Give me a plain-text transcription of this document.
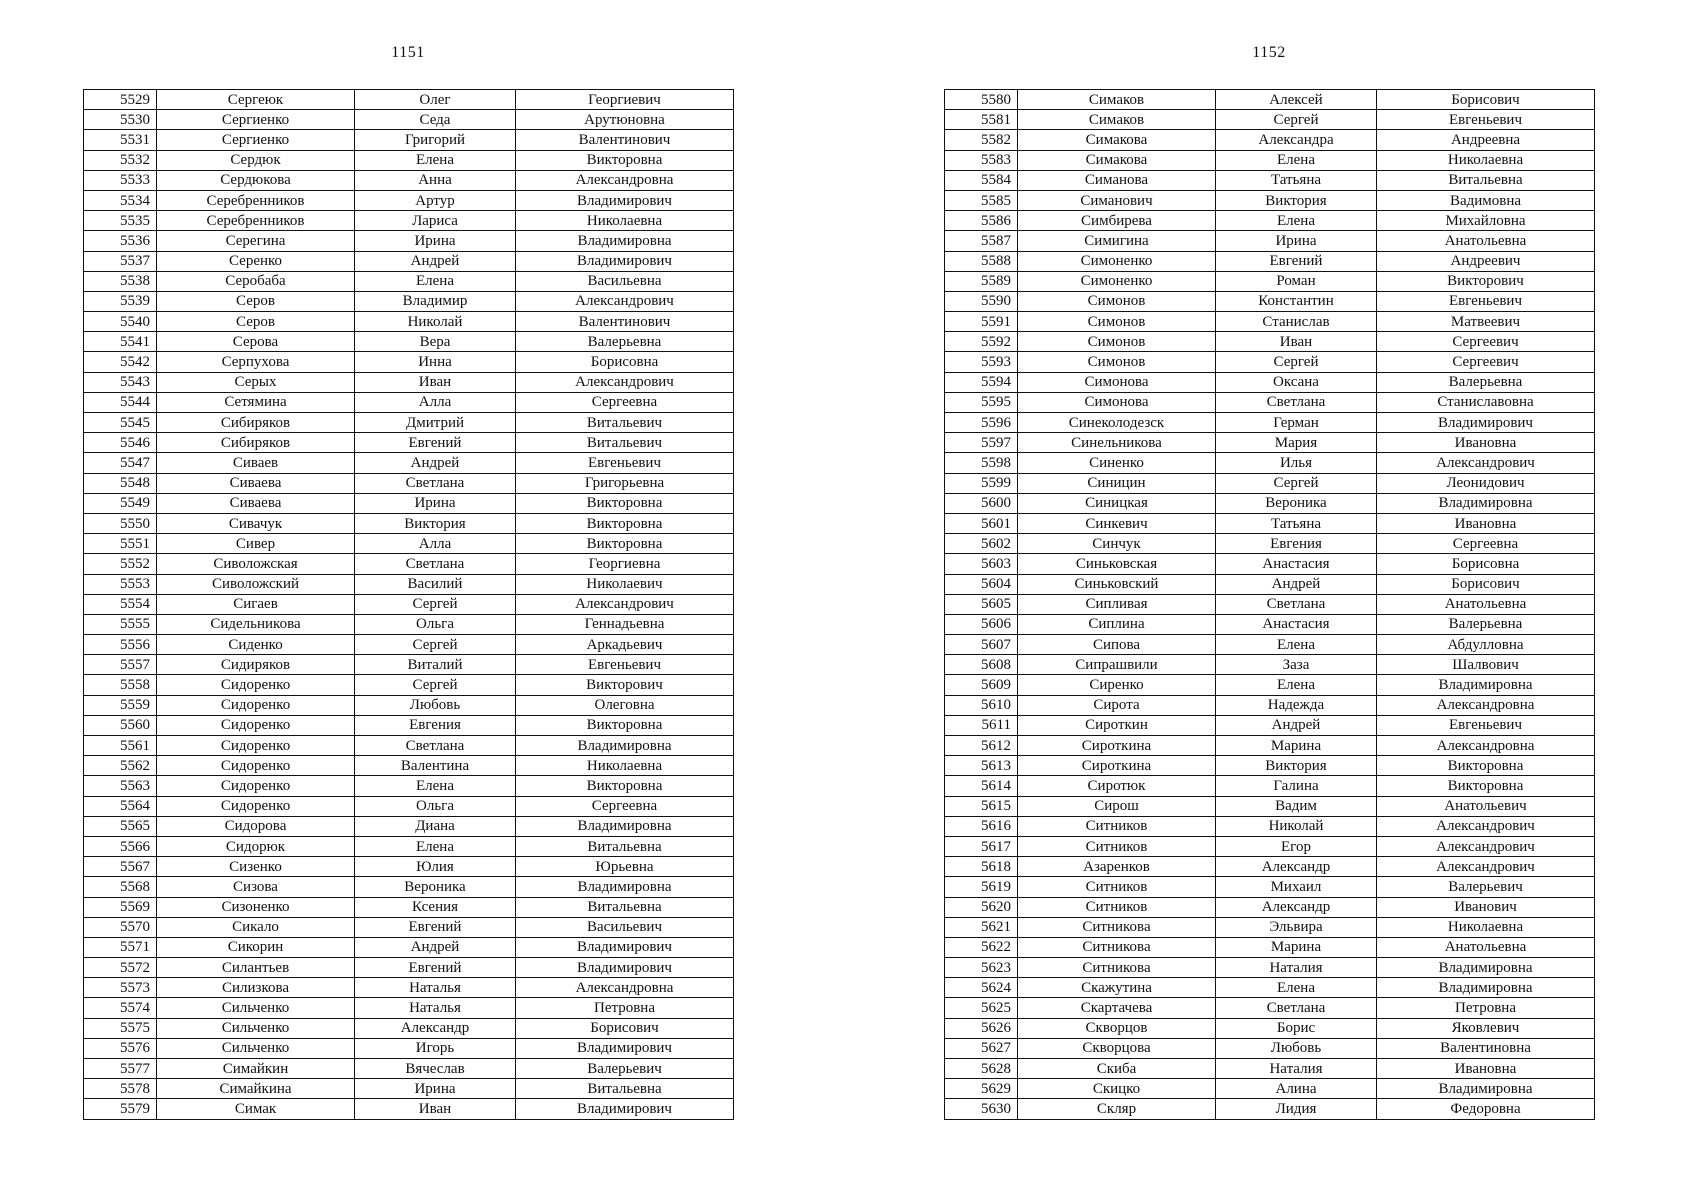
1151
5529	Сергеюк	Олег	Георгиевич
5530	Сергиенко	Седа	Арутюновна
5531	Сергиенко	Григорий	Валентинович
5532	Сердюк	Елена	Викторовна
5533	Сердюкова	Анна	Александровна
5534	Серебренников	Артур	Владимирович
5535	Серебренников	Лариса	Николаевна
5536	Серегина	Ирина	Владимировна
5537	Серенко	Андрей	Владимирович
5538	Серобаба	Елена	Васильевна
5539	Серов	Владимир	Александрович
5540	Серов	Николай	Валентинович
5541	Серова	Вера	Валерьевна
5542	Серпухова	Инна	Борисовна
5543	Серых	Иван	Александрович
5544	Сетямина	Алла	Сергеевна
5545	Сибиряков	Дмитрий	Витальевич
5546	Сибиряков	Евгений	Витальевич
5547	Сиваев	Андрей	Евгеньевич
5548	Сиваева	Светлана	Григорьевна
5549	Сиваева	Ирина	Викторовна
5550	Сивачук	Виктория	Викторовна
5551	Сивер	Алла	Викторовна
5552	Сиволожская	Светлана	Георгиевна
5553	Сиволожский	Василий	Николаевич
5554	Сигаев	Сергей	Александрович
5555	Сидельникова	Ольга	Геннадьевна
5556	Сиденко	Сергей	Аркадьевич
5557	Сидиряков	Виталий	Евгеньевич
5558	Сидоренко	Сергей	Викторович
5559	Сидоренко	Любовь	Олеговна
5560	Сидоренко	Евгения	Викторовна
5561	Сидоренко	Светлана	Владимировна
5562	Сидоренко	Валентина	Николаевна
5563	Сидоренко	Елена	Викторовна
5564	Сидоренко	Ольга	Сергеевна
5565	Сидорова	Диана	Владимировна
5566	Сидорюк	Елена	Витальевна
5567	Сизенко	Юлия	Юрьевна
5568	Сизова	Вероника	Владимировна
5569	Сизоненко	Ксения	Витальевна
5570	Сикало	Евгений	Васильевич
5571	Сикорин	Андрей	Владимирович
5572	Силантьев	Евгений	Владимирович
5573	Силизкова	Наталья	Александровна
5574	Сильченко	Наталья	Петровна
5575	Сильченко	Александр	Борисович
5576	Сильченко	Игорь	Владимирович
5577	Симайкин	Вячеслав	Валерьевич
5578	Симайкина	Ирина	Витальевна
5579	Симак	Иван	Владимирович
1152
5580	Симаков	Алексей	Борисович
5581	Симаков	Сергей	Евгеньевич
5582	Симакова	Александра	Андреевна
5583	Симакова	Елена	Николаевна
5584	Симанова	Татьяна	Витальевна
5585	Симанович	Виктория	Вадимовна
5586	Симбирева	Елена	Михайловна
5587	Симигина	Ирина	Анатольевна
5588	Симоненко	Евгений	Андреевич
5589	Симоненко	Роман	Викторович
5590	Симонов	Константин	Евгеньевич
5591	Симонов	Станислав	Матвеевич
5592	Симонов	Иван	Сергеевич
5593	Симонов	Сергей	Сергеевич
5594	Симонова	Оксана	Валерьевна
5595	Симонова	Светлана	Станиславовна
5596	Синеколодезск	Герман	Владимирович
5597	Синельникова	Мария	Ивановна
5598	Синенко	Илья	Александрович
5599	Синицин	Сергей	Леонидович
5600	Синицкая	Вероника	Владимировна
5601	Синкевич	Татьяна	Ивановна
5602	Синчук	Евгения	Сергеевна
5603	Синьковская	Анастасия	Борисовна
5604	Синьковский	Андрей	Борисович
5605	Сипливая	Светлана	Анатольевна
5606	Сиплина	Анастасия	Валерьевна
5607	Сипова	Елена	Абдулловна
5608	Сипрашвили	Заза	Шалвович
5609	Сиренко	Елена	Владимировна
5610	Сирота	Надежда	Александровна
5611	Сироткин	Андрей	Евгеньевич
5612	Сироткина	Марина	Александровна
5613	Сироткина	Виктория	Викторовна
5614	Сиротюк	Галина	Викторовна
5615	Сирош	Вадим	Анатольевич
5616	Ситников	Николай	Александрович
5617	Ситников	Егор	Александрович
5618	Азаренков	Александр	Александрович
5619	Ситников	Михаил	Валерьевич
5620	Ситников	Александр	Иванович
5621	Ситникова	Эльвира	Николаевна
5622	Ситникова	Марина	Анатольевна
5623	Ситникова	Наталия	Владимировна
5624	Скажутина	Елена	Владимировна
5625	Скартачева	Светлана	Петровна
5626	Скворцов	Борис	Яковлевич
5627	Скворцова	Любовь	Валентиновна
5628	Скиба	Наталия	Ивановна
5629	Скицко	Алина	Владимировна
5630	Скляр	Лидия	Федоровна
